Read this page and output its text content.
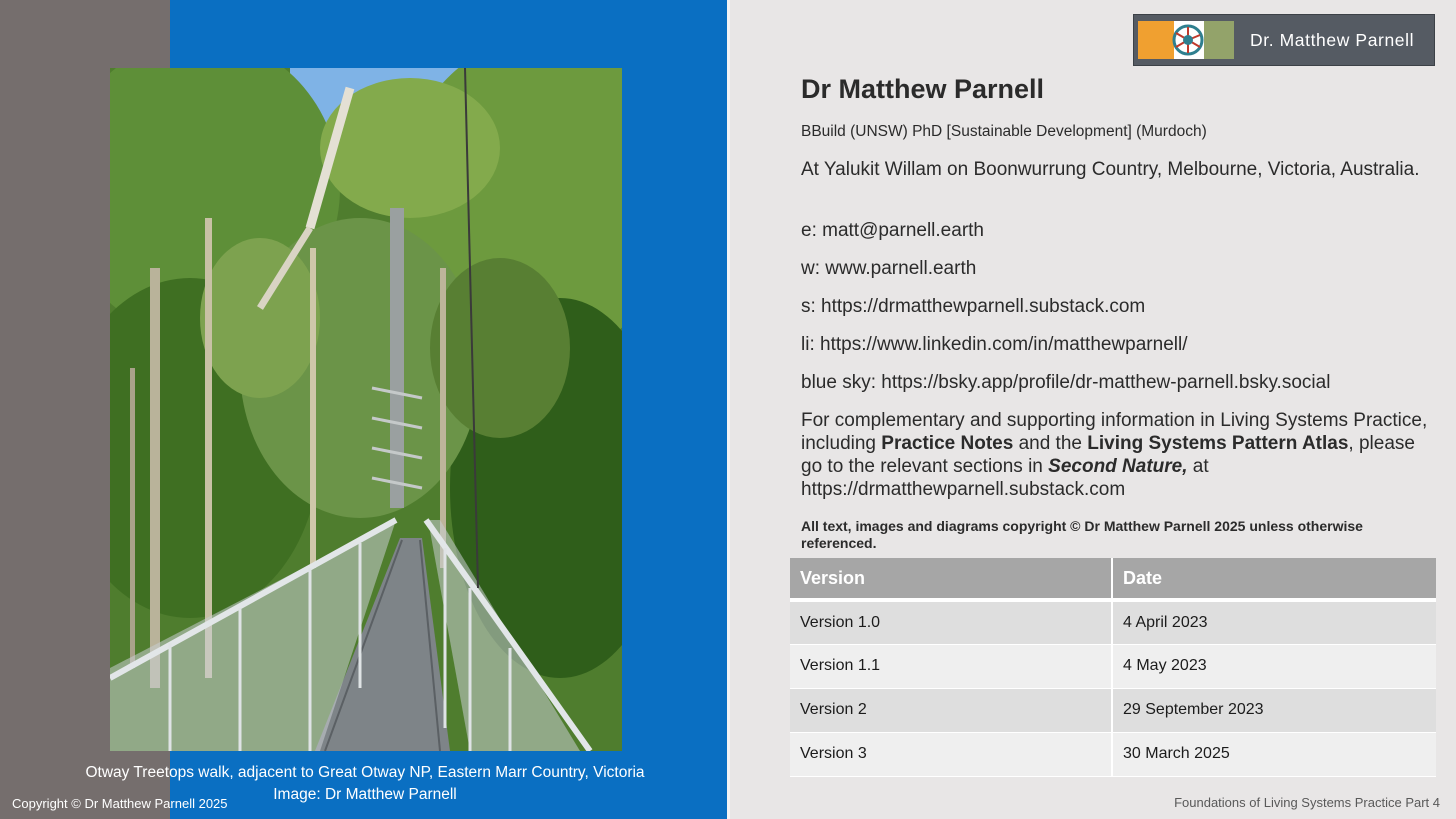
Otway Treetops walk, adjacent to Great Otway NP, Eastern Marr Country, Victoria
Image: Dr Matthew Parnell
Copyright © Dr Matthew Parnell 2025
Dr. Matthew Parnell
Dr Matthew Parnell
BBuild (UNSW) PhD [Sustainable Development] (Murdoch)
At Yalukit Willam on Boonwurrung Country, Melbourne, Victoria, Australia.
e: matt@parnell.earth
w: www.parnell.earth
s: https://drmatthewparnell.substack.com
li: https://www.linkedin.com/in/matthewparnell/
blue sky: https://bsky.app/profile/dr-matthew-parnell.bsky.social
For complementary and supporting information in Living Systems Practice, including Practice Notes and the Living Systems Pattern Atlas, please go to the relevant sections in Second Nature, at https://drmatthewparnell.substack.com
All text, images and diagrams copyright © Dr Matthew Parnell 2025 unless otherwise referenced.
Version	Date
Version 1.0	4 April 2023
Version 1.1	4 May 2023
Version 2	29 September 2023
Version 3	30 March 2025
Foundations of Living Systems Practice Part 4
